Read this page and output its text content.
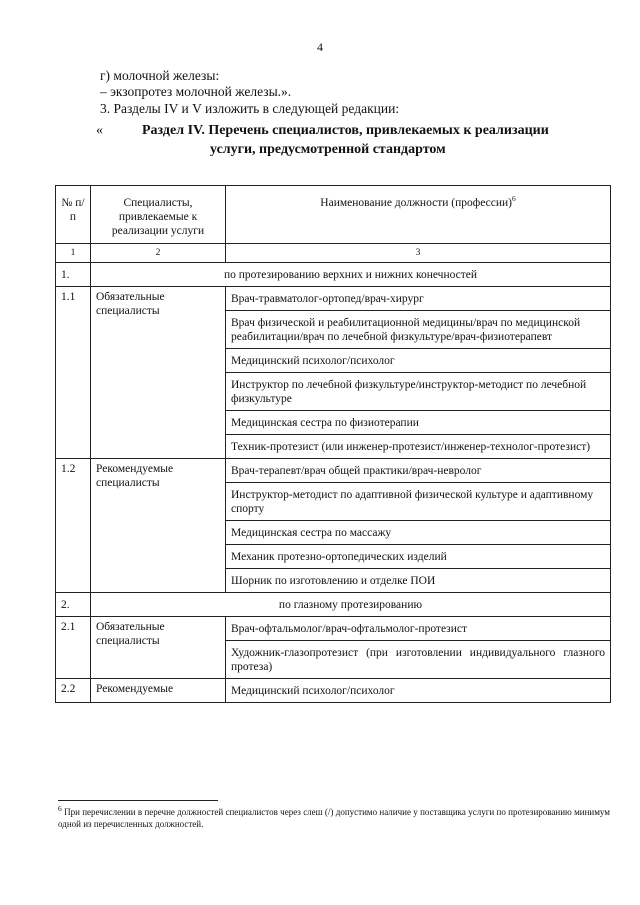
4
г) молочной железы:
– экзопротез молочной железы.».
3. Разделы IV и V изложить в следующей редакции:
«	Раздел IV. Перечень специалистов, привлекаемых к реализации
услуги, предусмотренной стандартом
№ п/п	Специалисты, привлекаемые к реализации услуги	Наименование должности (профессии)$^6$
1	2	3
1.	по протезированию верхних и нижних конечностей	
1.1	Обязательные специалисты	Врач-травматолог-ортопед/врач-хирург
		Врач физической и реабилитационной медицины/врач по медицинской реабилитации/врач по лечебной физкультуре/врач-физиотерапевт
		Медицинский психолог/психолог
		Инструктор по лечебной физкультуре/инструктор-методист по лечебной физкультуре
		Медицинская сестра по физиотерапии
		Техник-протезист (или инженер-протезист/инженер-технолог-протезист)
1.2	Рекомендуемые специалисты	Врач-терапевт/врач общей практики/врач-невролог
		Инструктор-методист по адаптивной физической культуре и адаптивному спорту
		Медицинская сестра по массажу
		Механик протезно-ортопедических изделий
		Шорник по изготовлению и отделке ПОИ
2.	по глазному протезированию	
2.1	Обязательные специалисты	Врач-офтальмолог/врач-офтальмолог-протезист
		Художник-глазопротезист (при изготовлении индивидуального глазного протеза)
2.2	Рекомендуемые	Медицинский психолог/психолог
$^6$ При перечислении в перечне должностей специалистов через слеш (/) допустимо наличие у поставщика услуги по протезированию минимум одной из перечисленных должностей.
